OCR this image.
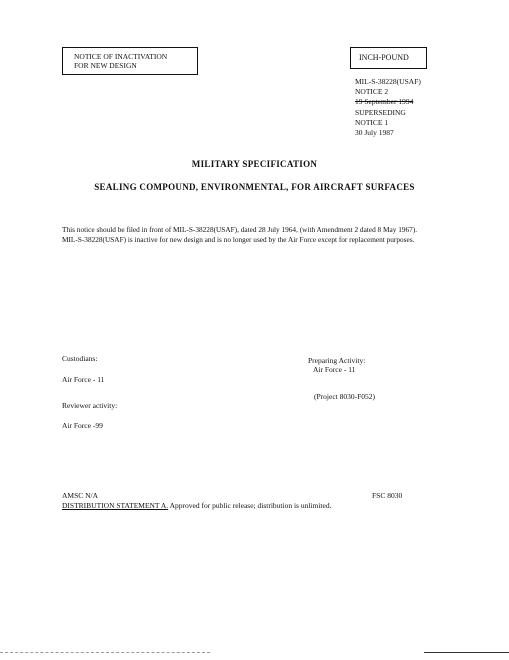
NOTICE OF INACTIVATION
FOR NEW DESIGN
INCH-POUND
MIL-S-38228(USAF)
NOTICE 2
19 September 1994
SUPERSEDING
NOTICE 1
30 July 1987
MILITARY SPECIFICATION
SEALING COMPOUND, ENVIRONMENTAL, FOR AIRCRAFT SURFACES

This notice should be filed in front of MIL-S-38228(USAF), dated 28 July 1964, (with Amendment 2 dated 8 May 1967).

MIL-S-38228(USAF) is inactive for new design and is no longer used by the Air Force except for replacement purposes.

Custodians:
Air Force - 11
Preparing Activity:
Air Force - 11
(Project 8030-F052)
Reviewer activity:
Air Force -99
AMSC N/A	FSC 8030
DISTRIBUTION STATEMENT A. Approved for public release; distribution is unlimited.
